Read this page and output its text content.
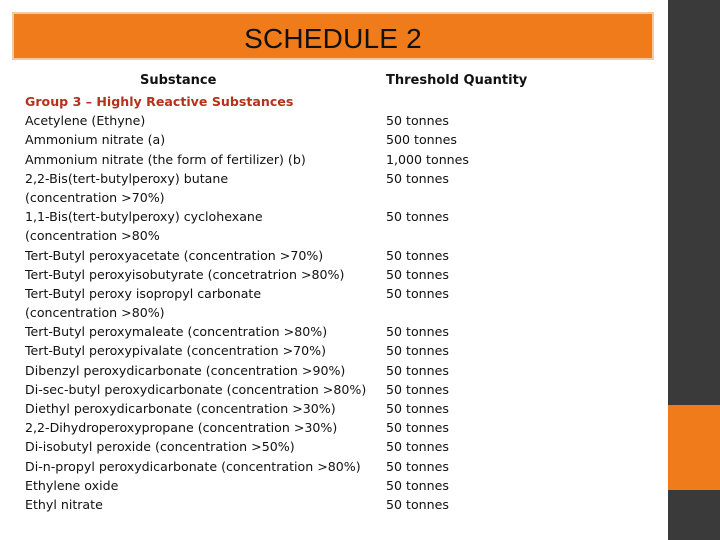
SCHEDULE 2
Substance	Threshold Quantity
Group 3 – Highly Reactive Substances
Acetylene (Ethyne)	50 tonnes
Ammonium nitrate (a)	500 tonnes
Ammonium nitrate (the form of fertilizer) (b)	1,000 tonnes
2,2-Bis(tert-butylperoxy) butane	50 tonnes
(concentration >70%)
1,1-Bis(tert-butylperoxy) cyclohexane	50 tonnes
(concentration >80%
Tert-Butyl peroxyacetate (concentration >70%)	50 tonnes
Tert-Butyl peroxyisobutyrate (concetratrion >80%)	50 tonnes
Tert-Butyl peroxy isopropyl carbonate	50 tonnes
(concentration >80%)
Tert-Butyl peroxymaleate (concentration >80%)	50 tonnes
Tert-Butyl peroxypivalate (concentration >70%)	50 tonnes
Dibenzyl peroxydicarbonate (concentration >90%)	50 tonnes
Di-sec-butyl peroxydicarbonate (concentration >80%) 50 tonnes
Diethyl peroxydicarbonate (concentration >30%)	50 tonnes
2,2-Dihydroperoxypropane (concentration >30%)	50 tonnes
Di-isobutyl peroxide (concentration >50%)	50 tonnes
Di-n-propyl peroxydicarbonate (concentration >80%) 50 tonnes
Ethylene oxide	50 tonnes
Ethyl nitrate	50 tonnes
